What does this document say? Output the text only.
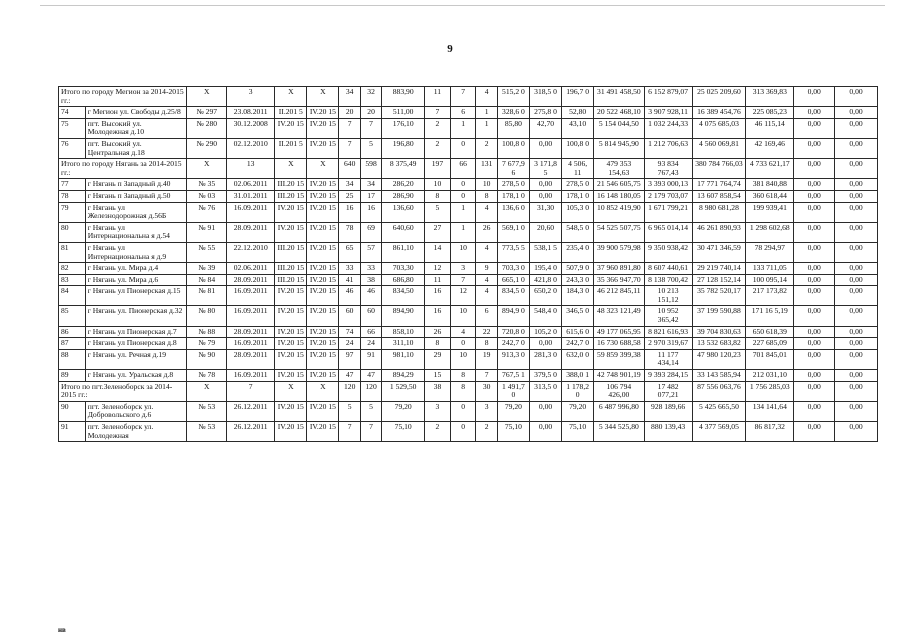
9
Итого по городу Мегион за 2014-2015 гг.:		Х	3	Х	Х	34	32	883,90	11	7	4	515,2 0	318,5 0	196,7 0	31 491 458,50	6 152 879,07	25 025 209,60	313 369,83	0,00	0,00
74	г Мегион ул. Свободы д.25/8	№ 297	23.08.2011	II.201 5	IV.20 15	20	20	511,00	7	6	1	328,6 0	275,8 0	52,80	20 522 468,10	3 907 928,11	16 389 454,76	225 085,23	0,00	0,00
75	пгт. Высокий ул. Молодежная д.10	№ 280	30.12.2008	IV.20 15	IV.20 15	7	7	176,10	2	1	1	85,80	42,70	43,10	5 154 044,50	1 032 244,33	4 075 685,03	46 115,14	0,00	0,00
76	пгт. Высокий ул. Центральная д.18	№ 290	02.12.2010	II.201 5	IV.20 15	7	5	196,80	2	0	2	100,8 0	0,00	100,8 0	5 814 945,90	1 212 706,63	4 560 069,81	42 169,46	0,00	0,00
Итого по городу Нягань за 2014-2015 гг.:		Х	13	Х	Х	640	598	8 375,49	197	66	131	7 677,9 6	3 171,8 5	4 506, 11	479 353 154,63	93 834 767,43	380 784 766,03	4 733 621,17	0,00	0,00
77	г Нягань п Западный д.40	№ 35	02.06.2011	III.20 15	IV.20 15	34	34	286,20	10	0	10	278,5 0	0,00	278,5 0	21 546 605,75	3 393 000,13	17 771 764,74	381 840,88	0,00	0,00
78	г Нягань п Западный д.50	№ 03	31.01.2011	III.20 15	IV.20 15	25	17	286,90	8	0	8	178,1 0	0,00	178,1 0	16 148 180,05	2 179 703,07	13 607 858,54	360 618,44	0,00	0,00
79	г Нягань ул Железнодорожная д.56Б	№ 76	16.09.2011	IV.20 15	IV.20 15	16	16	136,60	5	1	4	136,6 0	31,30	105,3 0	10 852 419,90	1 671 799,21	8 980 681,28	199 939,41	0,00	0,00
80	г Нягань ул Интернациональна я д.54	№ 91	28.09.2011	IV.20 15	IV.20 15	78	69	640,60	27	1	26	569,1 0	20,60	548,5 0	54 525 507,75	6 965 014,14	46 261 890,93	1 298 602,68	0,00	0,00
81	г Нягань ул Интернациональна я д.9	№ 55	22.12.2010	III.20 15	IV.20 15	65	57	861,10	14	10	4	773,5 5	538,1 5	235,4 0	39 900 579,98	9 350 938,42	30 471 346,59	78 294,97	0,00	0,00
82	г Нягань ул. Мира д.4	№ 39	02.06.2011	III.20 15	IV.20 15	33	33	703,30	12	3	9	703,3 0	195,4 0	507,9 0	37 960 891,80	8 607 440,61	29 219 740,14	133 711,05	0,00	0,00
83	г Нягань ул. Мира д.6	№ 84	28.09.2011	III.20 15	IV.20 15	41	38	686,80	11	7	4	665,1 0	421,8 0	243,3 0	35 366 947,70	8 138 700,42	27 128 152,14	100 095,14	0,00	0,00
84	г Нягань ул Пионерская д.15	№ 81	16.09.2011	IV.20 15	IV.20 15	46	46	834,50	16	12	4	834,5 0	650,2 0	184,3 0	46 212 845,11	10 213 151,12	35 782 520,17	217 173,82	0,00	0,00
85	г Нягань ул. Пионерская д.32	№ 80	16.09.2011	IV.20 15	IV.20 15	60	60	894,90	16	10	6	894,9 0	548,4 0	346,5 0	48 323 121,49	10 952 365,42	37 199 590,88	171 16 5,19	0,00	0,00
86	г Нягань ул Пионерская д.7	№ 88	28.09.2011	IV.20 15	IV.20 15	74	66	858,10	26	4	22	720,8 0	105,2 0	615,6 0	49 177 065,95	8 821 616,93	39 704 830,63	650 618,39	0,00	0,00
87	г Нягань ул Пионерская д.8	№ 79	16.09.2011	IV.20 15	IV.20 15	24	24	311,10	8	0	8	242,7 0	0,00	242,7 0	16 730 688,58	2 970 319,67	13 532 683,82	227 685,09	0,00	0,00
88	г Нягань ул. Речная д.19	№ 90	28.09.2011	IV.20 15	IV.20 15	97	91	981,10	29	10	19	913,3 0	281,3 0	632,0 0	59 859 399,38	11 177 434,14	47 980 120,23	701 845,01	0,00	0,00
89	г Нягань ул. Уральская д.8	№ 78	16.09.2011	IV.20 15	IV.20 15	47	47	894,29	15	8	7	767,5 1	379,5 0	388,0 1	42 748 901,19	9 393 284,15	33 143 585,94	212 031,10	0,00	0,00
Итого по пгт.Зеленоборск за 2014-2015 гг.:		Х	7	Х	Х	120	120	1 529,50	38	8	30	1 491,7 0	313,5 0	1 178,2 0	106 794 426,00	17 482 077,21	87 556 063,76	1 756 285,03	0,00	0,00
90	пгт. Зеленоборск ул. Добровольского д.6	№ 53	26.12.2011	IV.20 15	IV.20 15	5	5	79,20	3	0	3	79,20	0,00	79,20	6 487 996,80	928 189,66	5 425 665,50	134 141,64	0,00	0,00
91	пгт. Зеленоборск ул. Молодежная	№ 53	26.12.2011	IV.20 15	IV.20 15	7	7	75,10	2	0	2	75,10	0,00	75,10	5 344 525,80	880 139,43	4 377 569,05	86 817,32	0,00	0,00
нв
